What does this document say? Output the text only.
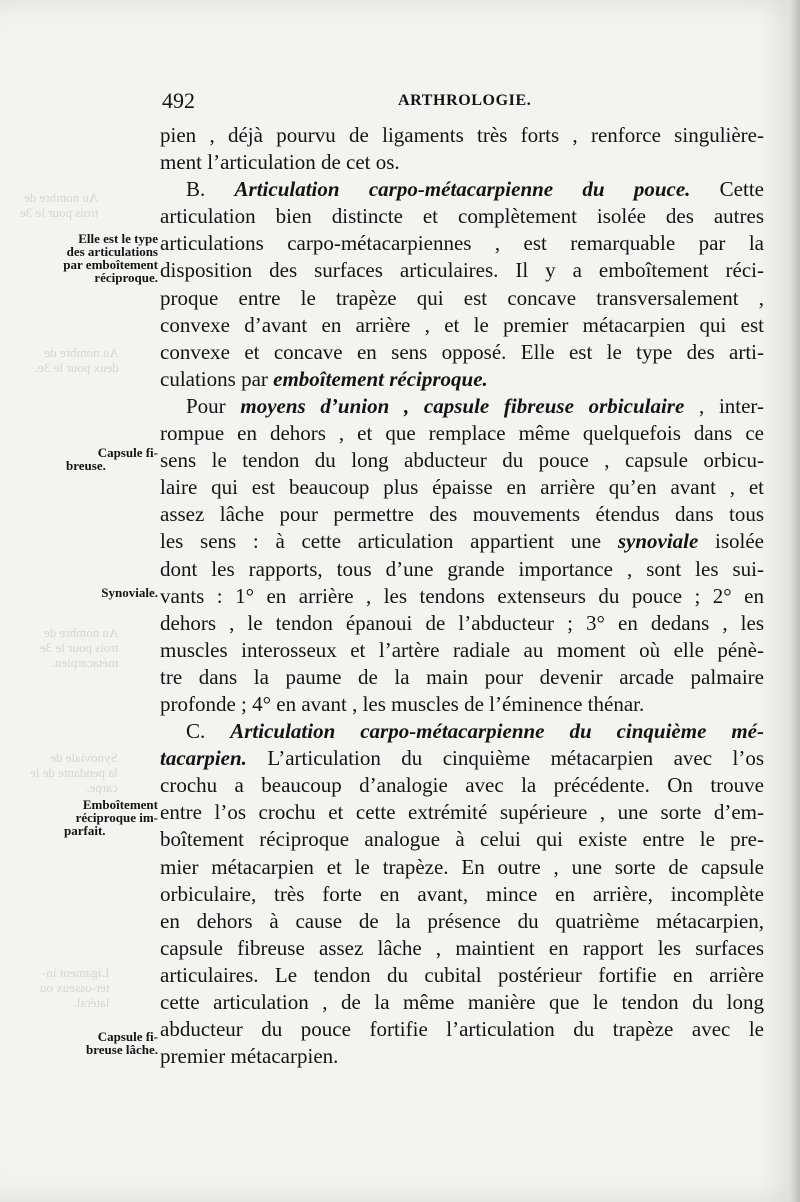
Au nombre de
trois pour le 3e
Au nombre de
deux pour le 3e.
Au nombre de
trois pour le 3e
métacarpien.
Synoviale de
la pendante de le
carpe.
Ligament in-
ter-osseux ou
latéral.
492	ARTHROLOGIE.
Elle est le type
des articulations
par emboîtement
réciproque.
Capsule fi-
breuse.
Synoviale.
Emboîtement
réciproque im-
parfait.
Capsule fi-
breuse lâche.
pien , déjà pourvu de ligaments très forts , renforce singulière-
ment l’articulation de cet os.
B. Articulation carpo-métacarpienne du pouce. Cette
articulation bien distincte et complètement isolée des autres
articulations carpo-métacarpiennes , est remarquable par la
disposition des surfaces articulaires. Il y a emboîtement réci-
proque entre le trapèze qui est concave transversalement ,
convexe d’avant en arrière , et le premier métacarpien qui est
convexe et concave en sens opposé. Elle est le type des arti-
culations par emboîtement réciproque.
Pour moyens d’union , capsule fibreuse orbiculaire , inter-
rompue en dehors , et que remplace même quelquefois dans ce
sens le tendon du long abducteur du pouce , capsule orbicu-
laire qui est beaucoup plus épaisse en arrière qu’en avant , et
assez lâche pour permettre des mouvements étendus dans tous
les sens : à cette articulation appartient une synoviale isolée
dont les rapports, tous d’une grande importance , sont les sui-
vants : 1° en arrière , les tendons extenseurs du pouce ; 2° en
dehors , le tendon épanoui de l’abducteur ; 3° en dedans , les
muscles interosseux et l’artère radiale au moment où elle pénè-
tre dans la paume de la main pour devenir arcade palmaire
profonde ; 4° en avant , les muscles de l’éminence thénar.
C. Articulation carpo-métacarpienne du cinquième mé-
tacarpien. L’articulation du cinquième métacarpien avec l’os
crochu a beaucoup d’analogie avec la précédente. On trouve
entre l’os crochu et cette extrémité supérieure , une sorte d’em-
boîtement réciproque analogue à celui qui existe entre le pre-
mier métacarpien et le trapèze. En outre , une sorte de capsule
orbiculaire, très forte en avant, mince en arrière, incomplète
en dehors à cause de la présence du quatrième métacarpien,
capsule fibreuse assez lâche , maintient en rapport les surfaces
articulaires. Le tendon du cubital postérieur fortifie en arrière
cette articulation , de la même manière que le tendon du long
abducteur du pouce fortifie l’articulation du trapèze avec le
premier métacarpien.
